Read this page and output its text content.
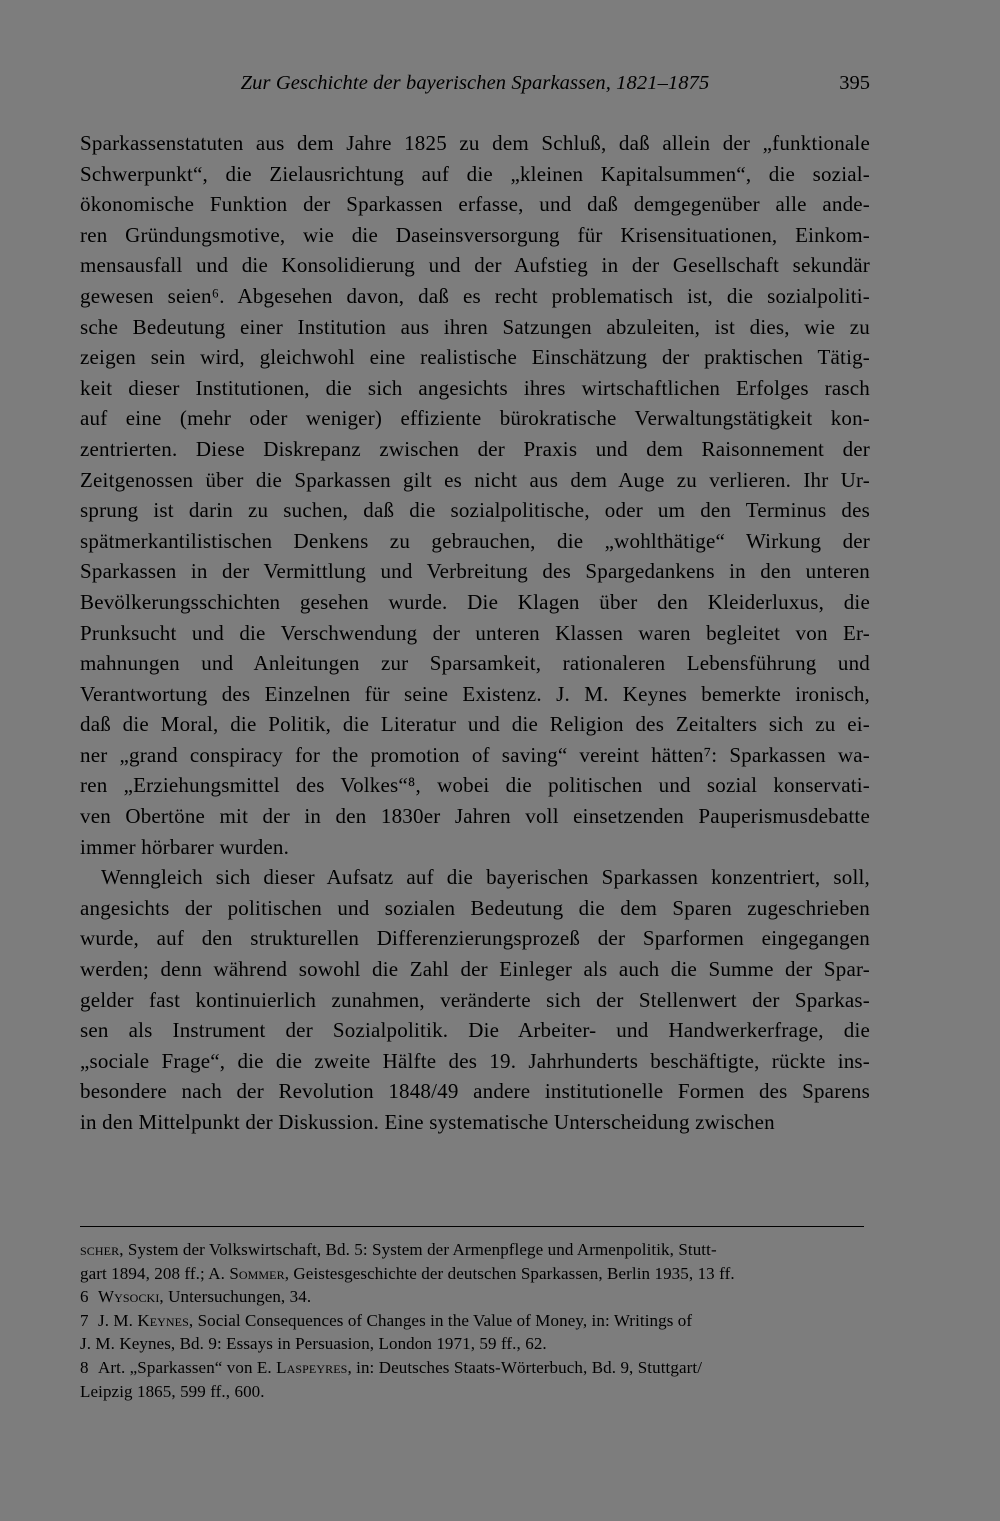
Zur Geschichte der bayerischen Sparkassen, 1821–1875	395
Sparkassenstatuten aus dem Jahre 1825 zu dem Schluß, daß allein der „funktionale
Schwerpunkt“, die Zielausrichtung auf die „kleinen Kapitalsummen“, die sozial-
ökonomische Funktion der Sparkassen erfasse, und daß demgegenüber alle ande-
ren Gründungsmotive, wie die Daseinsversorgung für Krisensituationen, Einkom-
mensausfall und die Konsolidierung und der Aufstieg in der Gesellschaft sekundär
gewesen seien⁶. Abgesehen davon, daß es recht problematisch ist, die sozialpoliti-
sche Bedeutung einer Institution aus ihren Satzungen abzuleiten, ist dies, wie zu
zeigen sein wird, gleichwohl eine realistische Einschätzung der praktischen Tätig-
keit dieser Institutionen, die sich angesichts ihres wirtschaftlichen Erfolges rasch
auf eine (mehr oder weniger) effiziente bürokratische Verwaltungstätigkeit kon-
zentrierten. Diese Diskrepanz zwischen der Praxis und dem Raisonnement der
Zeitgenossen über die Sparkassen gilt es nicht aus dem Auge zu verlieren. Ihr Ur-
sprung ist darin zu suchen, daß die sozialpolitische, oder um den Terminus des
spätmerkantilistischen Denkens zu gebrauchen, die „wohlthätige“ Wirkung der
Sparkassen in der Vermittlung und Verbreitung des Spargedankens in den unteren
Bevölkerungsschichten gesehen wurde. Die Klagen über den Kleiderluxus, die
Prunksucht und die Verschwendung der unteren Klassen waren begleitet von Er-
mahnungen und Anleitungen zur Sparsamkeit, rationaleren Lebensführung und
Verantwortung des Einzelnen für seine Existenz. J. M. Keynes bemerkte ironisch,
daß die Moral, die Politik, die Literatur und die Religion des Zeitalters sich zu ei-
ner „grand conspiracy for the promotion of saving“ vereint hätten⁷: Sparkassen wa-
ren „Erziehungsmittel des Volkes“⁸, wobei die politischen und sozial konservati-
ven Obertöne mit der in den 1830er Jahren voll einsetzenden Pauperismusdebatte
immer hörbarer wurden.
Wenngleich sich dieser Aufsatz auf die bayerischen Sparkassen konzentriert, soll,
angesichts der politischen und sozialen Bedeutung die dem Sparen zugeschrieben
wurde, auf den strukturellen Differenzierungsprozeß der Sparformen eingegangen
werden; denn während sowohl die Zahl der Einleger als auch die Summe der Spar-
gelder fast kontinuierlich zunahmen, veränderte sich der Stellenwert der Sparkas-
sen als Instrument der Sozialpolitik. Die Arbeiter- und Handwerkerfrage, die
„sociale Frage“, die die zweite Hälfte des 19. Jahrhunderts beschäftigte, rückte ins-
besondere nach der Revolution 1848/49 andere institutionelle Formen des Sparens
in den Mittelpunkt der Diskussion. Eine systematische Unterscheidung zwischen
scher, System der Volkswirtschaft, Bd. 5: System der Armenpflege und Armenpolitik, Stutt-
gart 1894, 208 ff.; A. Sommer, Geistesgeschichte der deutschen Sparkassen, Berlin 1935, 13 ff.
6 Wysocki, Untersuchungen, 34.
7 J. M. Keynes, Social Consequences of Changes in the Value of Money, in: Writings of
J. M. Keynes, Bd. 9: Essays in Persuasion, London 1971, 59 ff., 62.
8 Art. „Sparkassen“ von E. Laspeyres, in: Deutsches Staats-Wörterbuch, Bd. 9, Stuttgart/
Leipzig 1865, 599 ff., 600.
